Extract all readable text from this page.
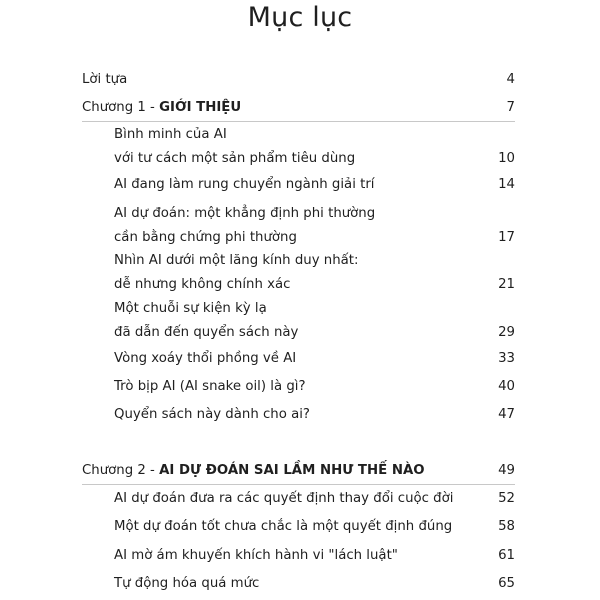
Mục lục
Lời tựa	4
Chương 1 - GIỚI THIỆU	7
Bình minh của AI
với tư cách một sản phẩm tiêu dùng	10
AI đang làm rung chuyển ngành giải trí	14
AI dự đoán: một khẳng định phi thường
cần bằng chứng phi thường	17
Nhìn AI dưới một lăng kính duy nhất:
dễ nhưng không chính xác	21
Một chuỗi sự kiện kỳ lạ
đã dẫn đến quyển sách này	29
Vòng xoáy thổi phồng về AI	33
Trò bịp AI (AI snake oil) là gì?	40
Quyển sách này dành cho ai?	47
Chương 2 - AI DỰ ĐOÁN SAI LẦM NHƯ THẾ NÀO	49
AI dự đoán đưa ra các quyết định thay đổi cuộc đời	52
Một dự đoán tốt chưa chắc là một quyết định đúng	58
AI mờ ám khuyến khích hành vi "lách luật"	61
Tự động hóa quá mức	65
